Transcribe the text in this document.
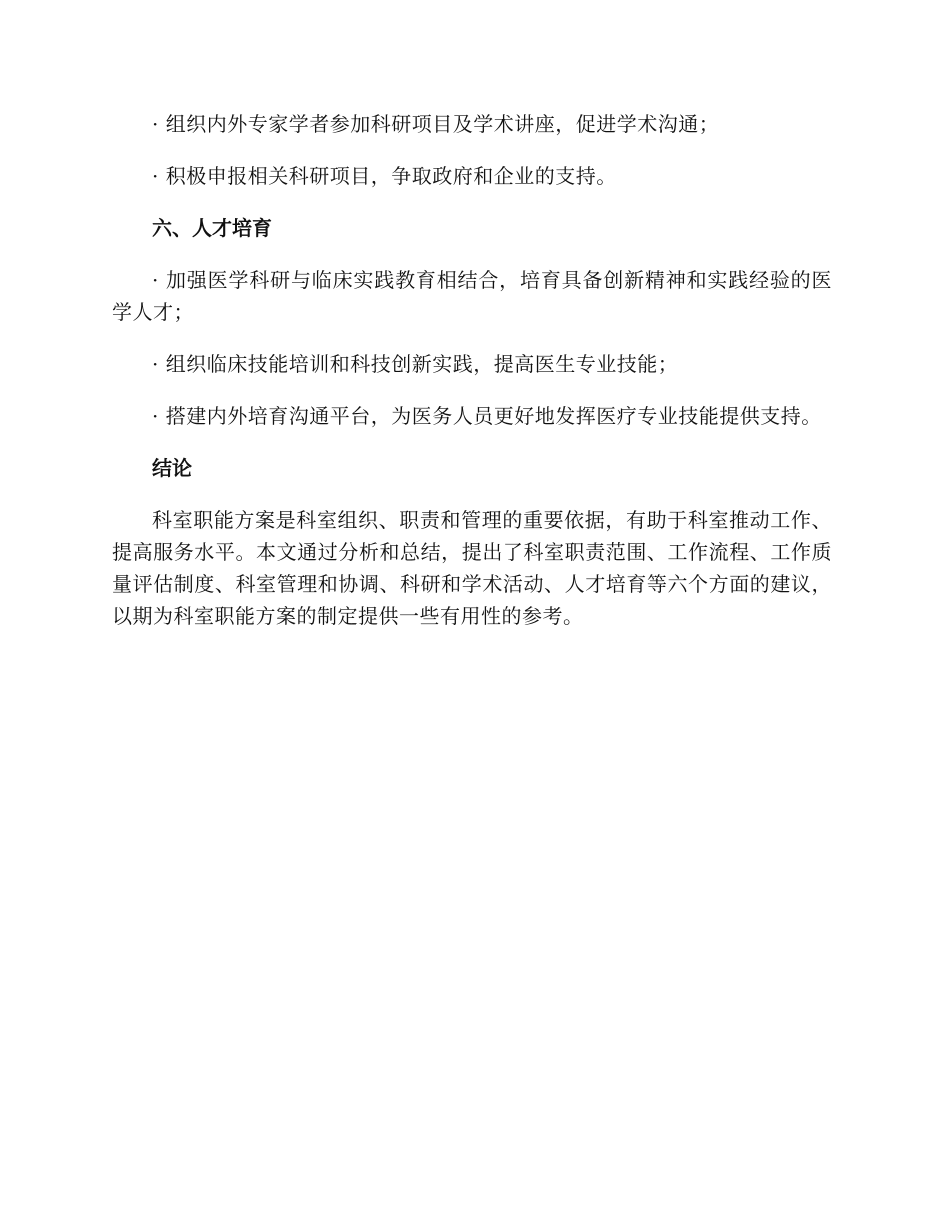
· 组织内外专家学者参加科研项目及学术讲座，促进学术沟通；

· 积极申报相关科研项目，争取政府和企业的支持。

六、人才培育

· 加强医学科研与临床实践教育相结合，培育具备创新精神和实践经验的医学人才；

· 组织临床技能培训和科技创新实践，提高医生专业技能；

· 搭建内外培育沟通平台，为医务人员更好地发挥医疗专业技能提供支持。

结论

科室职能方案是科室组织、职责和管理的重要依据，有助于科室推动工作、提高服务水平。本文通过分析和总结，提出了科室职责范围、工作流程、工作质量评估制度、科室管理和协调、科研和学术活动、人才培育等六个方面的建议，以期为科室职能方案的制定提供一些有用性的参考。
